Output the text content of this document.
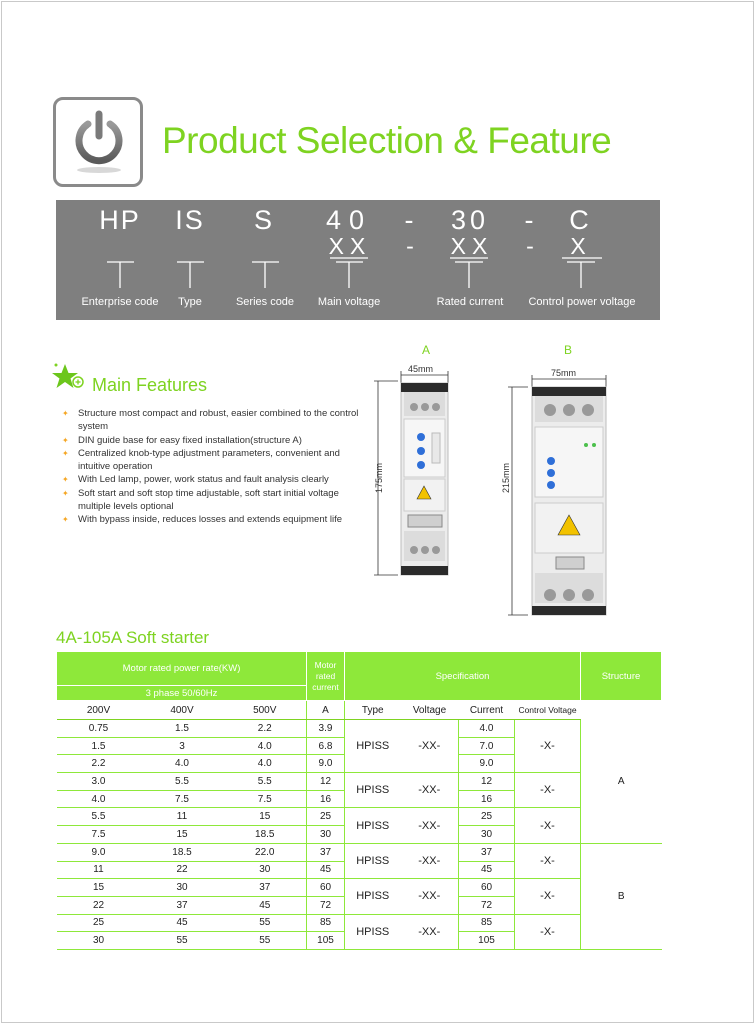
Product Selection & Feature
HP IS S 40	30	C
XX	XX	X
-	-
-	-
Enterprise code	Type	Series code	Main voltage	Rated current	Control power voltage
Main Features
✦ Structure most compact and robust, easier combined to the control system
✦ DIN guide base for easy fixed installation(structure A)
✦ Centralized knob-type adjustment parameters, convenient and intuitive operation
✦ With Led lamp, power, work status and fault analysis clearly
✦ Soft start and soft stop time adjustable, soft start initial voltage multiple levels optional
✦ With bypass inside, reduces losses and extends equipment life
A	B
45mm	75mm
175mm	215mm
4A-105A Soft starter
Motor rated power rate(KW)			Motor rated current	Specification				Structure
3 phase 50/60Hz								
200V	400V	500V	A	Type	Voltage	Current	Control Voltage	
0.75	1.5	2.2	3.9	HPISS	-XX-	4.0	-X-	A
1.5	3	4.0	6.8			7.0		
2.2	4.0	4.0	9.0			9.0		
3.0	5.5	5.5	12	HPISS	-XX-	12	-X-	
4.0	7.5	7.5	16			16		
5.5	11	15	25	HPISS	-XX-	25	-X-	
7.5	15	18.5	30			30		
9.0	18.5	22.0	37	HPISS	-XX-	37	-X-	B
11	22	30	45			45		
15	30	37	60	HPISS	-XX-	60	-X-	
22	37	45	72			72		
25	45	55	85	HPISS	-XX-	85	-X-	
30	55	55	105			105		
